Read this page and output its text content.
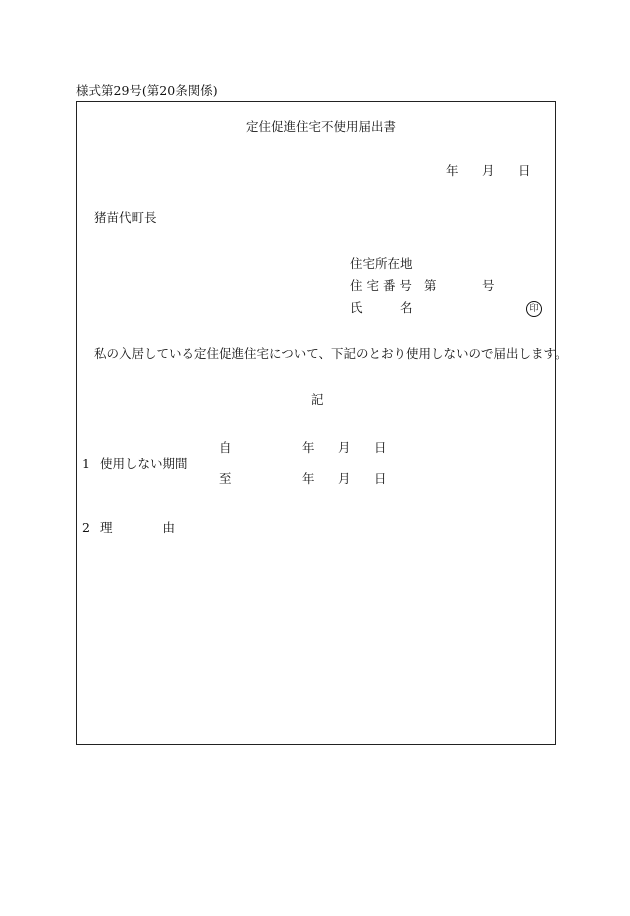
様式第29号(第20条関係)
定住促進住宅不使用届出書
年 月 日
猪苗代町長
住宅所在地
住 宅 番 号 第	号
氏　　　名	印
私の入居している定住促進住宅について、下記のとおり使用しないので届出します。
記
1 使用しない期間
自	年 月 日
至	年 月 日
2 理　　　　由
